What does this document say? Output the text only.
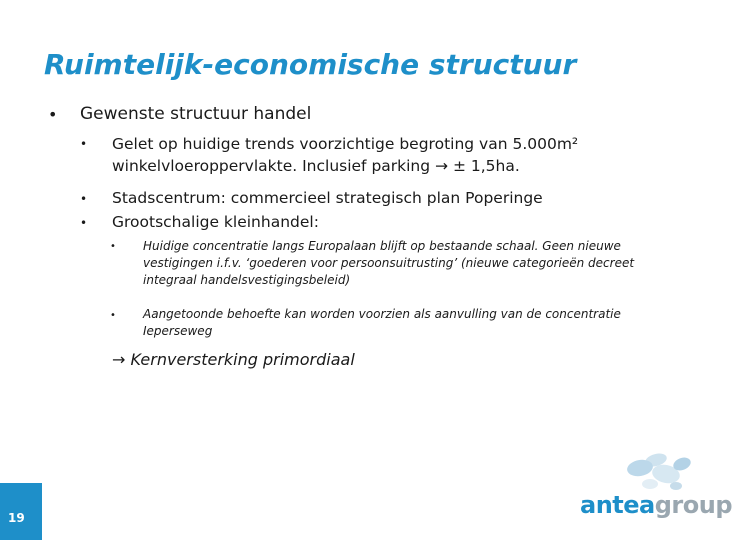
Ruimtelijk-economische structuur
• Gewenste structuur handel
• Gelet op huidige trends voorzichtige begroting van 5.000m²
winkelvloeroppervlakte. Inclusief parking → ± 1,5ha.
• Stadscentrum: commercieel strategisch plan Poperinge
• Grootschalige kleinhandel:
• Huidige concentratie langs Europalaan blijft op bestaande schaal. Geen nieuwe
vestigingen i.f.v. ‘goederen voor persoonsuitrusting’ (nieuwe categorieën decreet
integraal handelsvestigingsbeleid)
• Aangetoonde behoefte kan worden voorzien als aanvulling van de concentratie
Ieperseweg
→ Kernversterking primordiaal
19	anteagroup
